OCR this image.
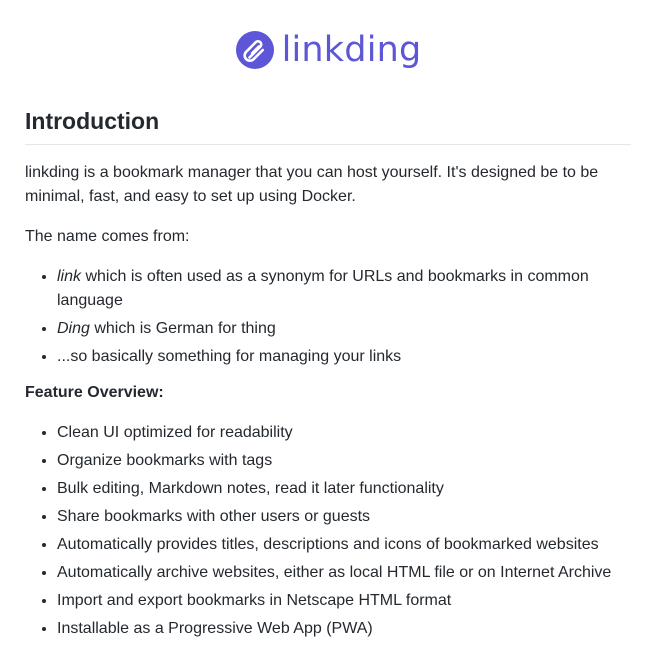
linkding
Introduction

linkding is a bookmark manager that you can host yourself. It's designed be to be minimal, fast, and easy to set up using Docker.

The name comes from:

• link which is often used as a synonym for URLs and bookmarks in common language
• Ding which is German for thing
• ...so basically something for managing your links

Feature Overview:

• Clean UI optimized for readability
• Organize bookmarks with tags
• Bulk editing, Markdown notes, read it later functionality
• Share bookmarks with other users or guests
• Automatically provides titles, descriptions and icons of bookmarked websites
• Automatically archive websites, either as local HTML file or on Internet Archive
• Import and export bookmarks in Netscape HTML format
• Installable as a Progressive Web App (PWA)
